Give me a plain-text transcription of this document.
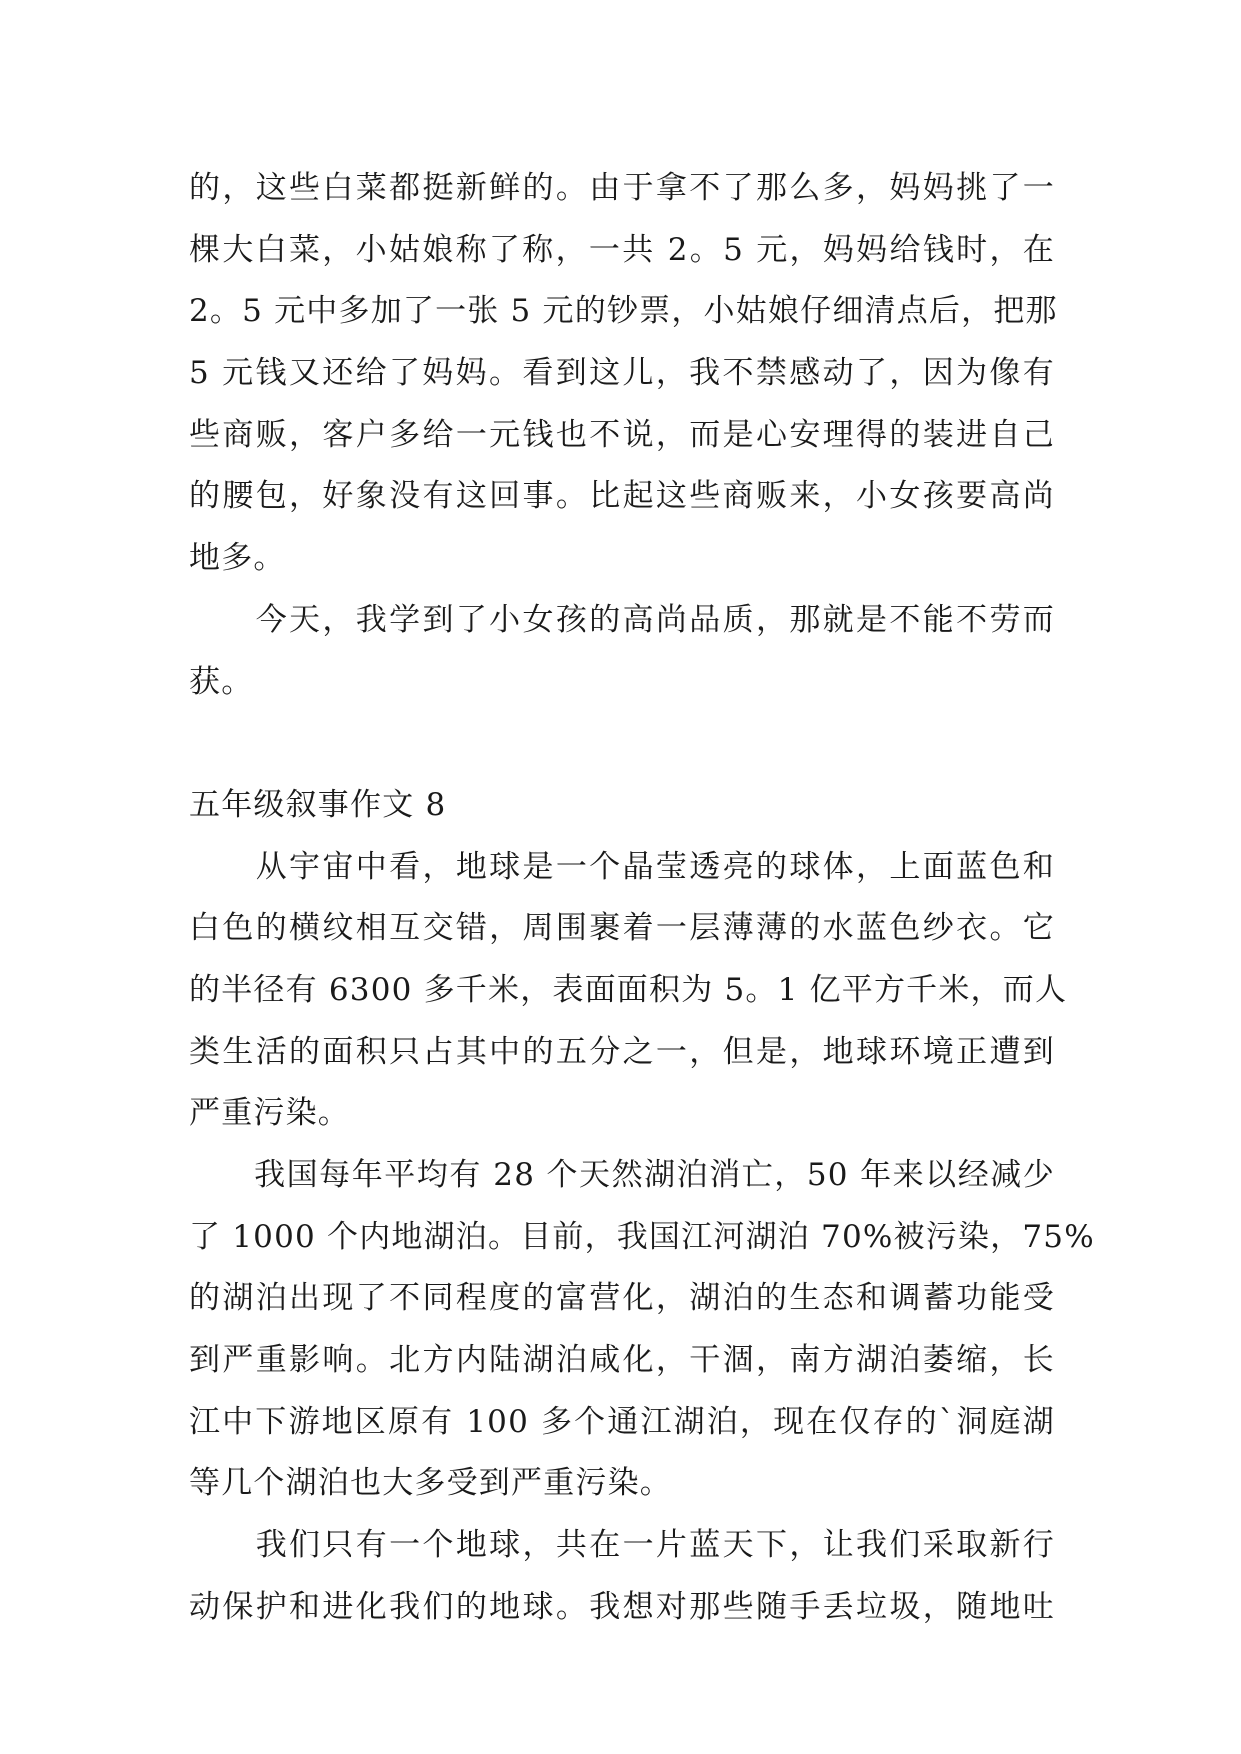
的，这些白菜都挺新鲜的。由于拿不了那么多，妈妈挑了一
棵大白菜，小姑娘称了称，一共 2。5 元，妈妈给钱时，在
2。5 元中多加了一张 5 元的钞票，小姑娘仔细清点后，把那
5 元钱又还给了妈妈。看到这儿，我不禁感动了，因为像有
些商贩，客户多给一元钱也不说，而是心安理得的装进自己
的腰包，好象没有这回事。比起这些商贩来，小女孩要高尚
地多。
　　今天，我学到了小女孩的高尚品质，那就是不能不劳而
获。
五年级叙事作文 8
　　从宇宙中看，地球是一个晶莹透亮的球体，上面蓝色和
白色的横纹相互交错，周围裹着一层薄薄的水蓝色纱衣。它
的半径有 6300 多千米，表面面积为 5。1 亿平方千米，而人
类生活的面积只占其中的五分之一，但是，地球环境正遭到
严重污染。
　　我国每年平均有 28 个天然湖泊消亡，50 年来以经减少
了 1000 个内地湖泊。目前，我国江河湖泊 70%被污染，75%
的湖泊出现了不同程度的富营化，湖泊的生态和调蓄功能受
到严重影响。北方内陆湖泊咸化，干涸，南方湖泊萎缩，长
江中下游地区原有 100 多个通江湖泊，现在仅存的`洞庭湖
等几个湖泊也大多受到严重污染。
　　我们只有一个地球，共在一片蓝天下，让我们采取新行
动保护和进化我们的地球。我想对那些随手丢垃圾，随地吐
